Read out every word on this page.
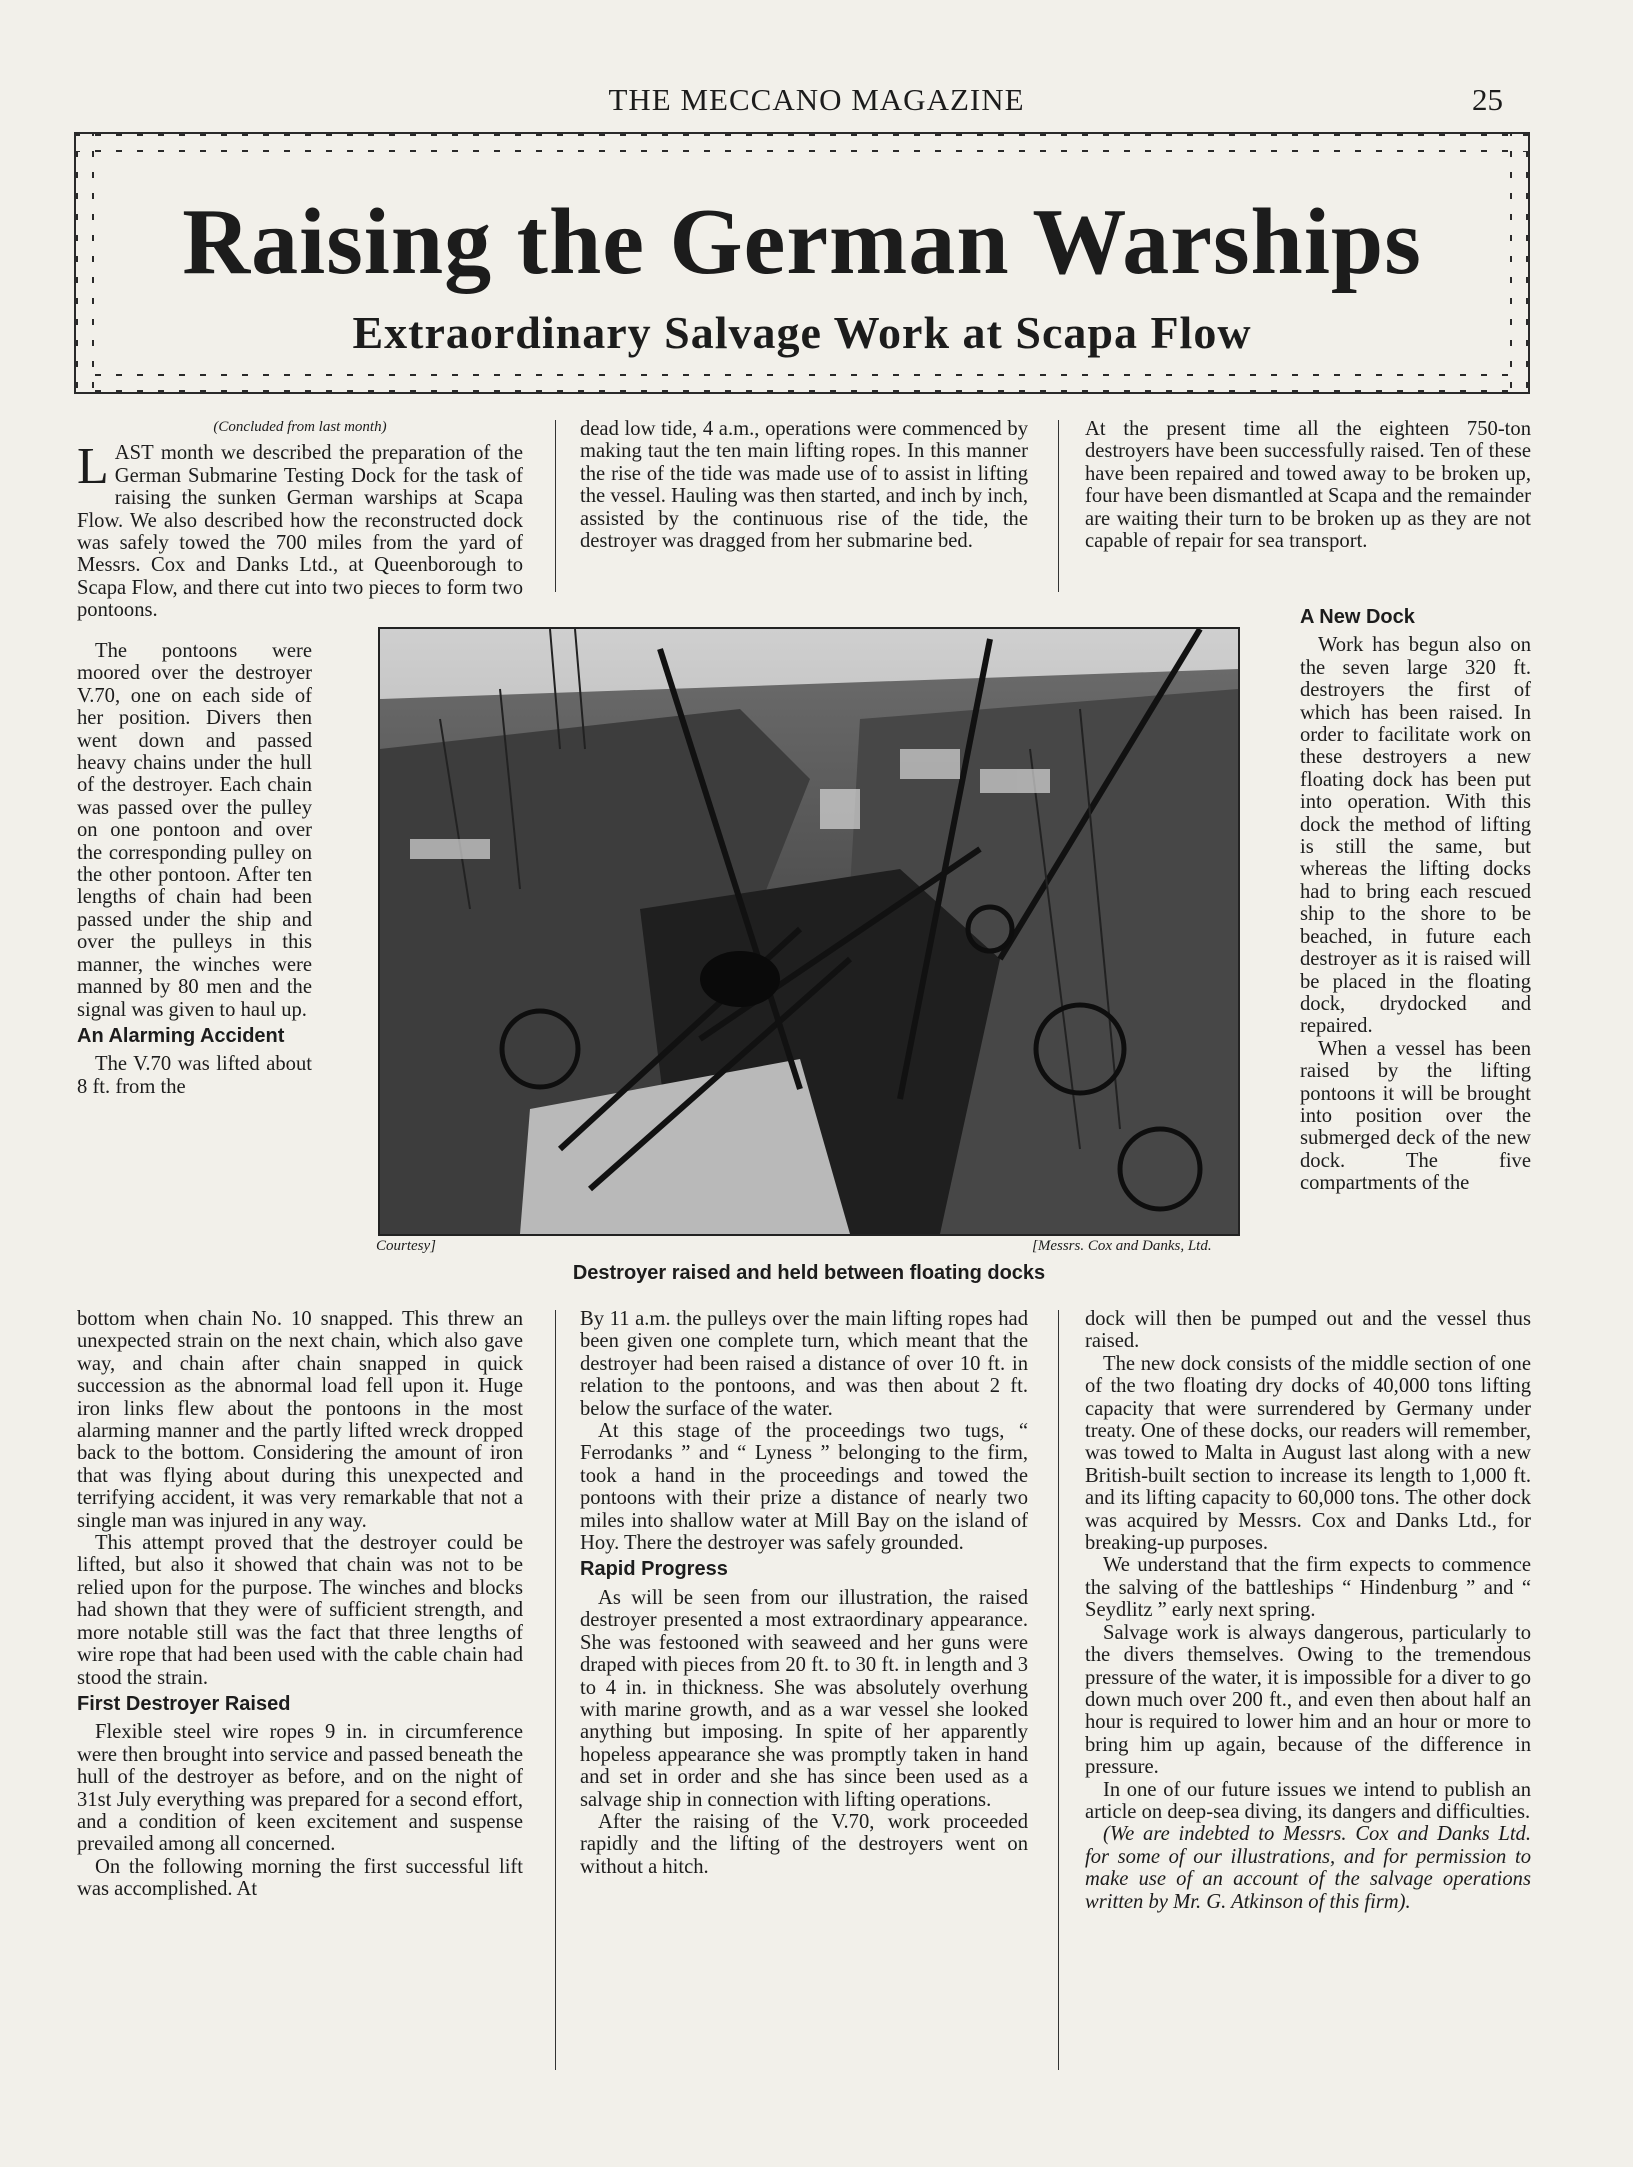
THE MECCANO MAGAZINE	25
Raising the German Warships
Extraordinary Salvage Work at Scapa Flow
(Concluded from last month)

LAST month we described the preparation of the German Submarine Testing Dock for the task of raising the sunken German warships at Scapa Flow. We also described how the reconstructed dock was safely towed the 700 miles from the yard of Messrs. Cox and Danks Ltd., at Queenborough to Scapa Flow, and there cut into two pieces to form two pontoons.

The pontoons were moored over the destroyer V.70, one on each side of her position. Divers then went down and passed heavy chains under the hull of the destroyer. Each chain was passed over the pulley on one pontoon and over the corresponding pulley on the other pontoon. After ten lengths of chain had been passed under the ship and over the pulleys in this manner, the winches were manned by 80 men and the signal was given to haul up.

An Alarming Accident

The V.70 was lifted about 8 ft. from the

bottom when chain No. 10 snapped. This threw an unexpected strain on the next chain, which also gave way, and chain after chain snapped in quick succession as the abnormal load fell upon it. Huge iron links flew about the pontoons in the most alarming manner and the partly lifted wreck dropped back to the bottom. Considering the amount of iron that was flying about during this unexpected and terrifying accident, it was very remarkable that not a single man was injured in any way.

This attempt proved that the destroyer could be lifted, but also it showed that chain was not to be relied upon for the purpose. The winches and blocks had shown that they were of sufficient strength, and more notable still was the fact that three lengths of wire rope that had been used with the cable chain had stood the strain.

First Destroyer Raised

Flexible steel wire ropes 9 in. in circumference were then brought into service and passed beneath the hull of the destroyer as before, and on the night of 31st July everything was prepared for a second effort, and a condition of keen excitement and suspense prevailed among all concerned.

On the following morning the first successful lift was accomplished. At

dead low tide, 4 a.m., operations were commenced by making taut the ten main lifting ropes. In this manner the rise of the tide was made use of to assist in lifting the vessel. Hauling was then started, and inch by inch, assisted by the continuous rise of the tide, the destroyer was dragged from her submarine bed.

By 11 a.m. the pulleys over the main lifting ropes had been given one complete turn, which meant that the destroyer had been raised a distance of over 10 ft. in relation to the pontoons, and was then about 2 ft. below the surface of the water.

At this stage of the proceedings two tugs, “ Ferrodanks ” and “ Lyness ” belonging to the firm, took a hand in the proceedings and towed the pontoons with their prize a distance of nearly two miles into shallow water at Mill Bay on the island of Hoy. There the destroyer was safely grounded.

Rapid Progress

As will be seen from our illustration, the raised destroyer presented a most extraordinary appearance. She was festooned with seaweed and her guns were draped with pieces from 20 ft. to 30 ft. in length and 3 to 4 in. in thickness. She was absolutely overhung with marine growth, and as a war vessel she looked anything but imposing. In spite of her apparently hopeless appearance she was promptly taken in hand and set in order and she has since been used as a salvage ship in connection with lifting operations.

After the raising of the V.70, work proceeded rapidly and the lifting of the destroyers went on without a hitch.

At the present time all the eighteen 750-ton destroyers have been successfully raised. Ten of these have been repaired and towed away to be broken up, four have been dismantled at Scapa and the remainder are waiting their turn to be broken up as they are not capable of repair for sea transport.

A New Dock

Work has begun also on the seven large 320 ft. destroyers the first of which has been raised. In order to facilitate work on these destroyers a new floating dock has been put into operation. With this dock the method of lifting is still the same, but whereas the lifting docks had to bring each rescued ship to the shore to be beached, in future each destroyer as it is raised will be placed in the floating dock, drydocked and repaired.

When a vessel has been raised by the lifting pontoons it will be brought into position over the submerged deck of the new dock. The five compartments of the

dock will then be pumped out and the vessel thus raised.

The new dock consists of the middle section of one of the two floating dry docks of 40,000 tons lifting capacity that were surrendered by Germany under treaty. One of these docks, our readers will remember, was towed to Malta in August last along with a new British-built section to increase its length to 1,000 ft. and its lifting capacity to 60,000 tons. The other dock was acquired by Messrs. Cox and Danks Ltd., for breaking-up purposes.

We understand that the firm expects to commence the salving of the battleships “ Hindenburg ” and “ Seydlitz ” early next spring.

Salvage work is always dangerous, particularly to the divers themselves. Owing to the tremendous pressure of the water, it is impossible for a diver to go down much over 200 ft., and even then about half an hour is required to lower him and an hour or more to bring him up again, because of the difference in pressure.

In one of our future issues we intend to publish an article on deep-sea diving, its dangers and difficulties.

(We are indebted to Messrs. Cox and Danks Ltd. for some of our illustrations, and for permission to make use of an account of the salvage operations written by Mr. G. Atkinson of this firm).

Courtesy]	[Messrs. Cox and Danks, Ltd.
Destroyer raised and held between floating docks
